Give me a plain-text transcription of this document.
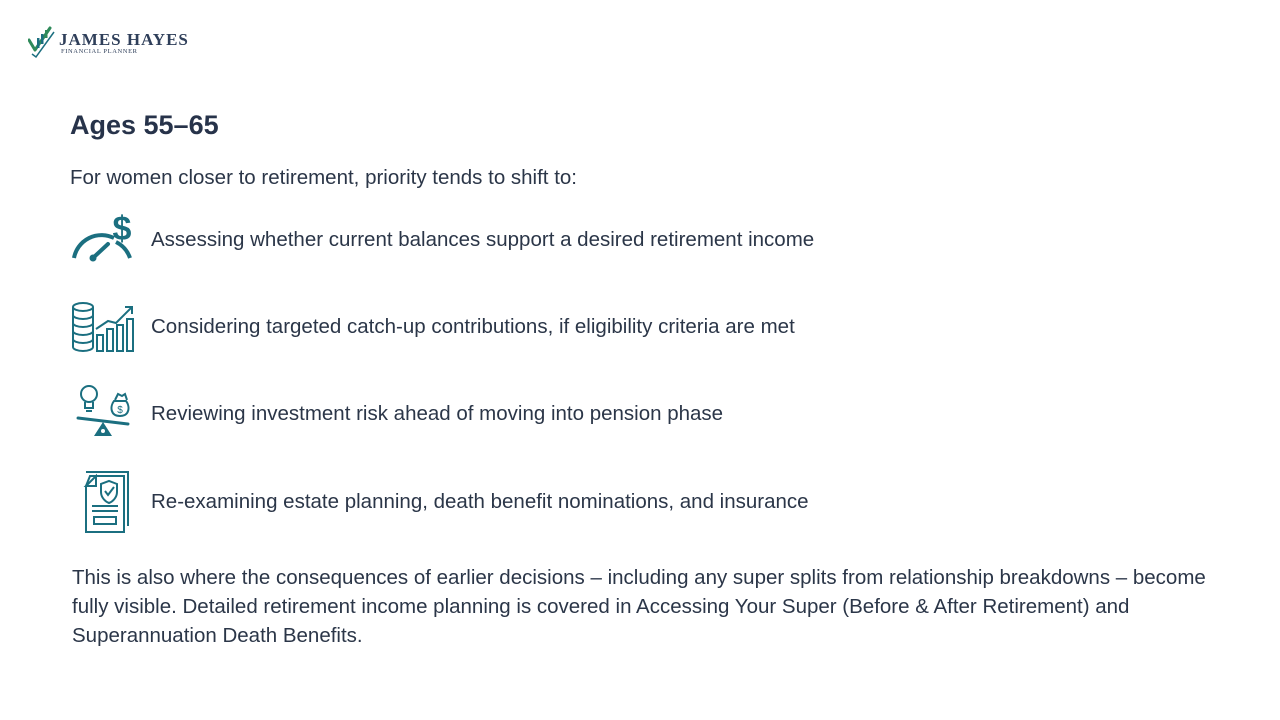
JAMES HAYES
FINANCIAL PLANNER
Ages 55–65

For women closer to retirement, priority tends to shift to:

$ Assessing whether current balances support a desired retirement income
Considering targeted catch-up contributions, if eligibility criteria are met
$ Reviewing investment risk ahead of moving into pension phase
Re-examining estate planning, death benefit nominations, and insurance

This is also where the consequences of earlier decisions – including any super splits from relationship breakdowns – become fully visible. Detailed retirement income planning is covered in Accessing Your Super (Before & After Retirement) and Superannuation Death Benefits.
